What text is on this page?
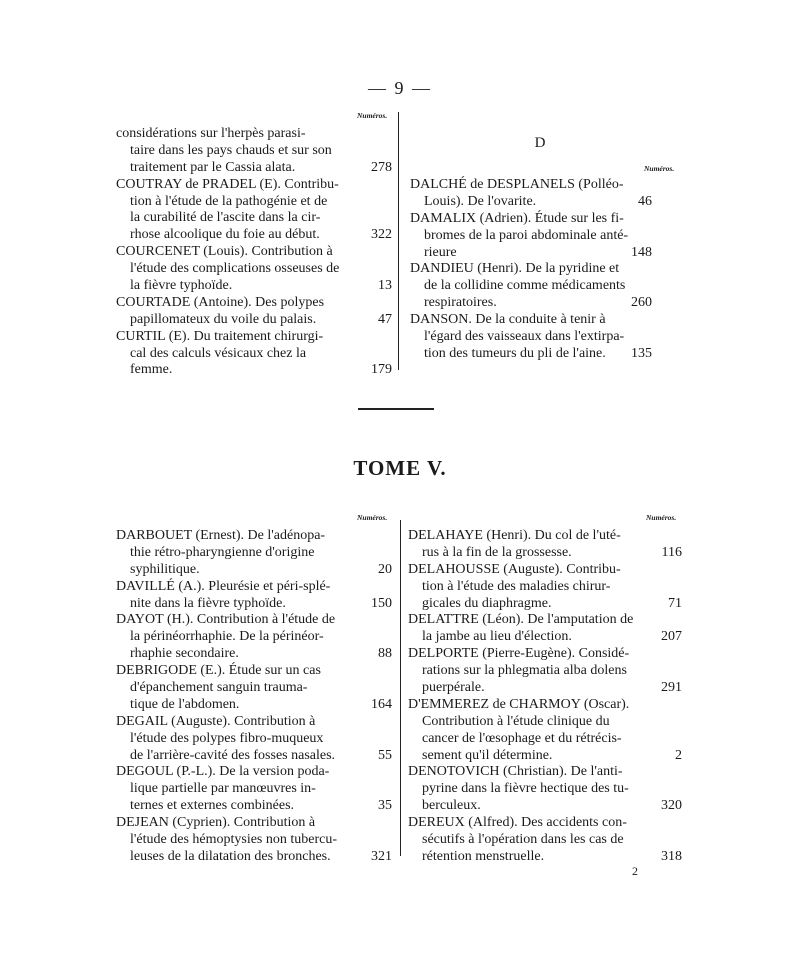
— 9 —
Numéros.
considérations sur l'herpès parasi-
taire dans les pays chauds et sur son
traitement par le Cassia alata.	278
COUTRAY de PRADEL (E). Contribu-
tion à l'étude de la pathogénie et de
la curabilité de l'ascite dans la cir-
rhose alcoolique du foie au début.	322
COURCENET (Louis). Contribution à
l'étude des complications osseuses de
la fièvre typhoïde.	13
COURTADE (Antoine). Des polypes
papillomateux du voile du palais.	47
CURTIL (E). Du traitement chirurgi-
cal des calculs vésicaux chez la
femme.	179
D
Numéros.
DALCHÉ de DESPLANELS (Polléo-
Louis). De l'ovarite.	46
DAMALIX (Adrien). Étude sur les fi-
bromes de la paroi abdominale anté-
rieure	148
DANDIEU (Henri). De la pyridine et
de la collidine comme médicaments
respiratoires.	260
DANSON. De la conduite à tenir à
l'égard des vaisseaux dans l'extirpa-
tion des tumeurs du pli de l'aine. 135
TOME V.
Numéros.	Numéros.
DARBOUET (Ernest). De l'adénopa-
thie rétro-pharyngienne d'origine
syphilitique.	20
DAVILLÉ (A.). Pleurésie et péri-splé-
nite dans la fièvre typhoïde.	150
DAYOT (H.). Contribution à l'étude de
la périnéorrhaphie. De la périnéor-
rhaphie secondaire.	88
DEBRIGODE (E.). Étude sur un cas
d'épanchement sanguin trauma-
tique de l'abdomen.	164
DEGAIL (Auguste). Contribution à
l'étude des polypes fibro-muqueux
de l'arrière-cavité des fosses nasales.	55
DEGOUL (P.-L.). De la version poda-
lique partielle par manœuvres in-
ternes et externes combinées.	35
DEJEAN (Cyprien). Contribution à
l'étude des hémoptysies non tubercu-
leuses de la dilatation des bronches.	321
DELAHAYE (Henri). Du col de l'uté-
rus à la fin de la grossesse.	116
DELAHOUSSE (Auguste). Contribu-
tion à l'étude des maladies chirur-
gicales du diaphragme.	71
DELATTRE (Léon). De l'amputation de
la jambe au lieu d'élection.	207
DELPORTE (Pierre-Eugène). Considé-
rations sur la phlegmatia alba dolens
puerpérale.	291
D'EMMEREZ de CHARMOY (Oscar).
Contribution à l'étude clinique du
cancer de l'œsophage et du rétrécis-
sement qu'il détermine.	2
DENOTOVICH (Christian). De l'anti-
pyrine dans la fièvre hectique des tu-
berculeux.	320
DEREUX (Alfred). Des accidents con-
sécutifs à l'opération dans les cas de
rétention menstruelle.	318
2
